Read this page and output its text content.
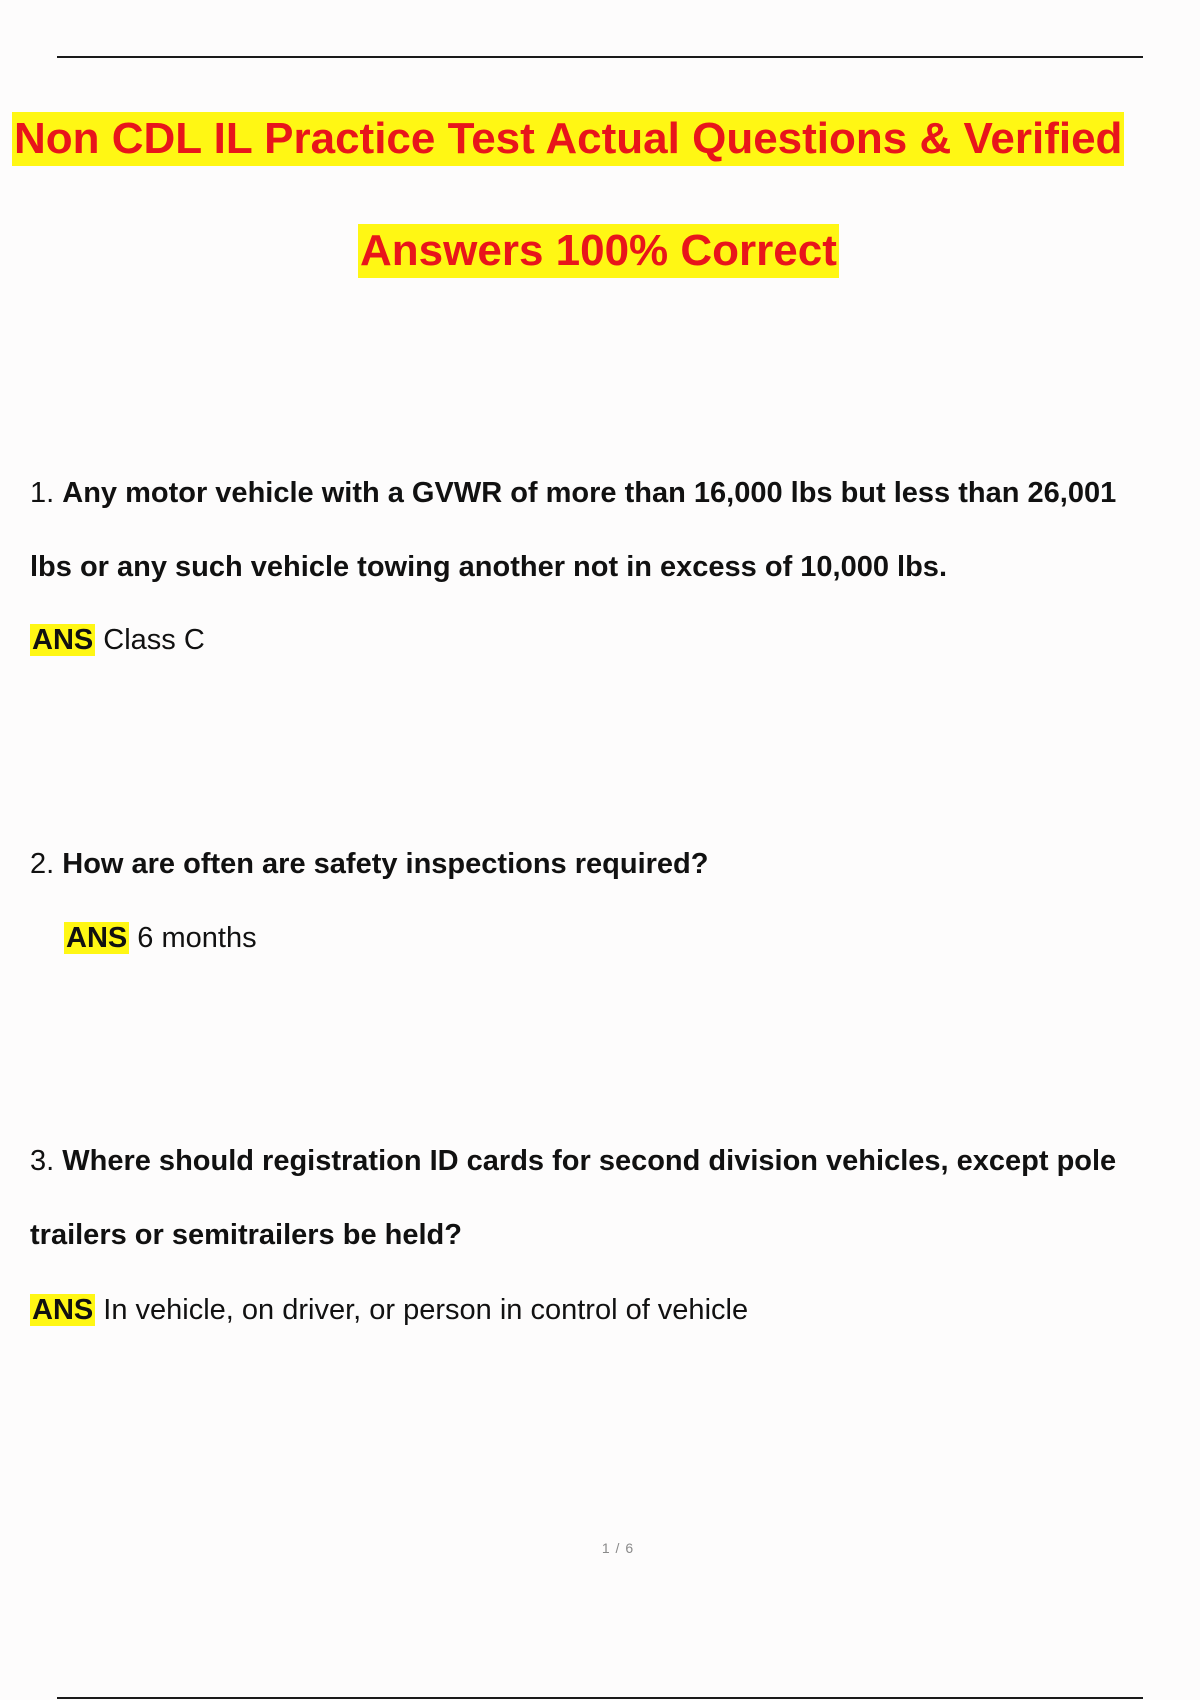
Non CDL IL Practice Test Actual Questions & Verified
Answers 100% Correct

1. Any motor vehicle with a GVWR of more than 16,000 lbs but less than 26,001
lbs or any such vehicle towing another not in excess of 10,000 lbs.

ANS Class C

2. How are often are safety inspections required?

ANS 6 months

3. Where should registration ID cards for second division vehicles, except pole
trailers or semitrailers be held?

ANS In vehicle, on driver, or person in control of vehicle

1 / 6
